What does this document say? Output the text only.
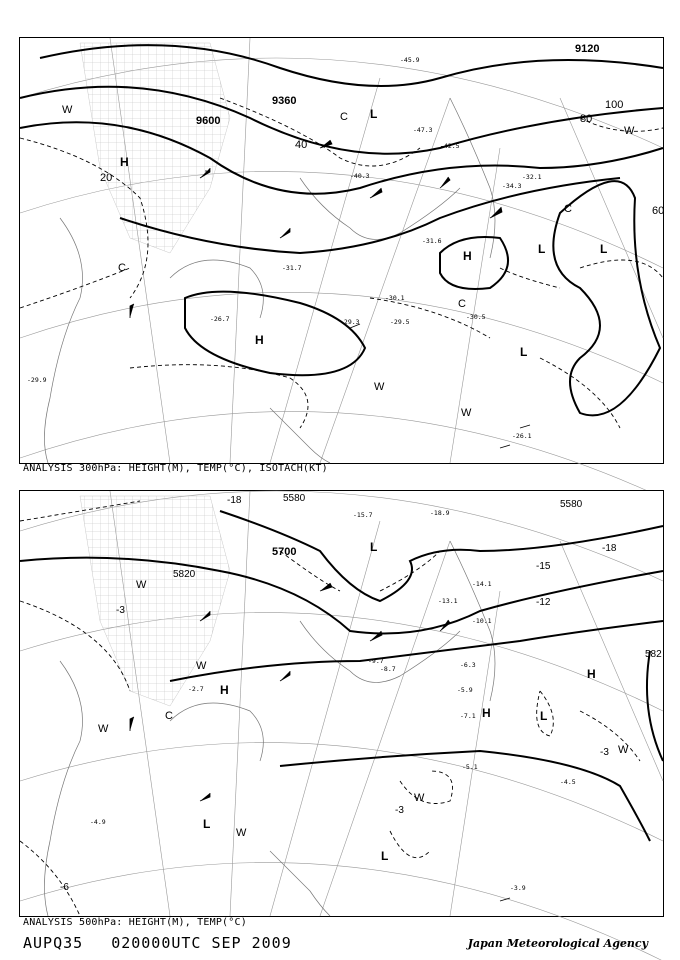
9120
9360
9600
20
40
60
80
100
H
H
H
L
L
L
L
W
W
W
W
C
C
C
C
-47.3
-45.9
-42.5
-40.3
-34.3
-32.1
-31.7
-30.5
-30.1
-29.5
-29.3
-29.9
-26.7
-26.1
-31.6
ANALYSIS 300hPa: HEIGHT(M), TEMP(°C), ISOTACH(KT)
5580
5580
5700
5820
582
-18
-18
-15
-12
-3
-3
-3
-6
H
H
H
L
L
L
L
W
W
W
W
W
W
C
-18.9
-15.7
-14.1
-13.1
-10.1
-9.7
-8.7
-7.1
-6.3
-5.9
-5.1
-4.9
-4.5
-3.9
-2.7
ANALYSIS 500hPa: HEIGHT(M), TEMP(°C)
AUPQ35 020000UTC SEP 2009	Japan Meteorological Agency
